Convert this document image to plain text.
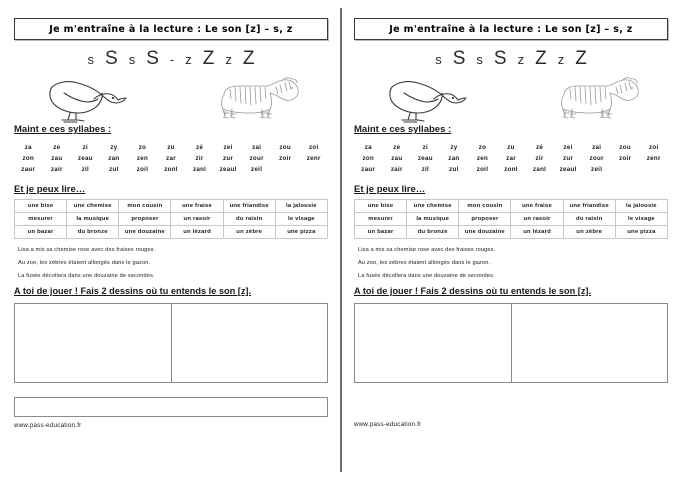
Je m'entraîne à la lecture : Le son [z] – s, z
s S s S - z Z z Z
Maint e ces syllabes :
za	ze	zi	zy	zo	zu	zé	zei	zai	zou	zoi
zon	zau	zeau	zan	zen	zar	zir	zur	zour	zoir	zenr
zaur	zair	zil	zul	zoil	zonl	zanl	zeaul	zeil
Et je peux lire…
une bise	une chemise	mon cousin	une fraise	une friandise	la jalousie
mesurer	la musique	proposer	un rasoir	du raisin	le visage
un bazar	du bronze	une douzaine	un lézard	un zèbre	une pizza
Lisa a mis sa chemise rose avec des fraises rouges.
Au zoo, les zèbres étaient allongés dans le gazon.
La fusée décollera dans une douzaine de secondes.
A toi de jouer ! Fais 2 dessins où tu entends le son [z].
www.pass-education.fr
Je m'entraîne à la lecture : Le son [z] – s, z
s S s S z Z z Z
Maint e ces syllabes :
za	ze	zi	zy	zo	zu	zé	zei	zai	zou	zoi
zon	zau	zeau	zan	zen	zar	zir	zur	zour	zoir	zenr
zaur	zair	zil	zul	zoil	zonl	zanl	zeaul	zeil
Et je peux lire…
une bise	une chemise	mon cousin	une fraise	une friandise	la jalousie
mesurer	la musique	proposer	un rasoir	du raisin	le visage
un bazar	du bronze	une douzaine	un lézard	un zèbre	une pizza
Lisa a mis sa chemise rose avec des fraises rouges.
Au zoo, les zèbres étaient allongés dans le gazon.
La fusée décollera dans une douzaine de secondes.
A toi de jouer ! Fais 2 dessins où tu entends le son [z].
www.pass-education.fr
